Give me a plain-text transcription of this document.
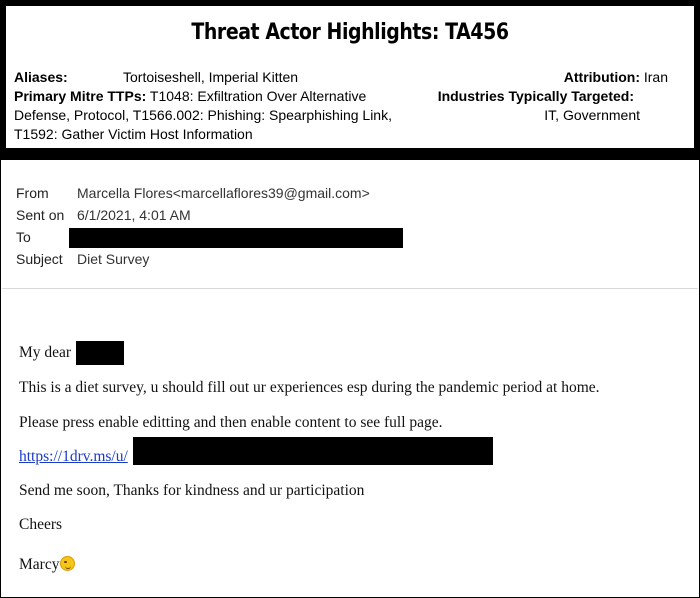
Threat Actor Highlights: TA456
Aliases:	Tortoiseshell, Imperial Kitten	Attribution: Iran
Primary Mitre TTPs: T1048: Exfiltration Over Alternative	Industries Typically Targeted:
Defense, Protocol, T1566.002: Phishing: Spearphishing Link,	IT, Government
T1592: Gather Victim Host Information
From	Marcella Flores<marcellaflores39@gmail.com>
Sent on 6/1/2021, 4:01 AM
To
Subject	Diet Survey
My dear
This is a diet survey, u should fill out ur experiences esp during the pandemic period at home.
Please press enable editting and then enable content to see full page.
https://1drv.ms/u/
Send me soon, Thanks for kindness and ur participation
Cheers
Marcy
